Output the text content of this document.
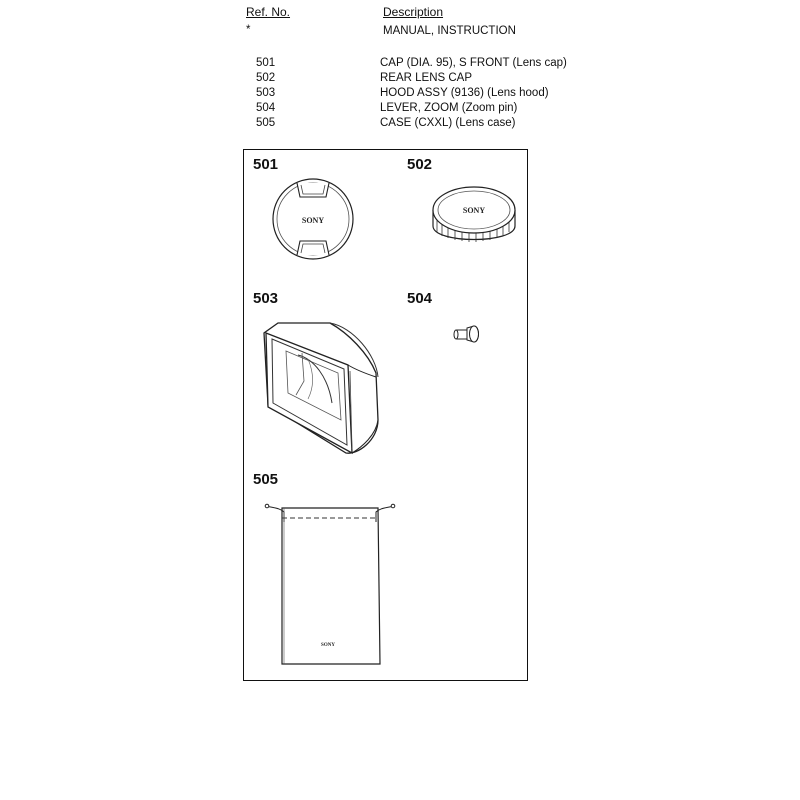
Ref. No.	Description
*	MANUAL, INSTRUCTION
501	CAP (DIA. 95), S FRONT (Lens cap)
502	REAR LENS CAP
503	HOOD ASSY (9136) (Lens hood)
504	LEVER, ZOOM (Zoom pin)
505	CASE (CXXL) (Lens case)
501	502
503	504
505
SONY
SONY
SONY
